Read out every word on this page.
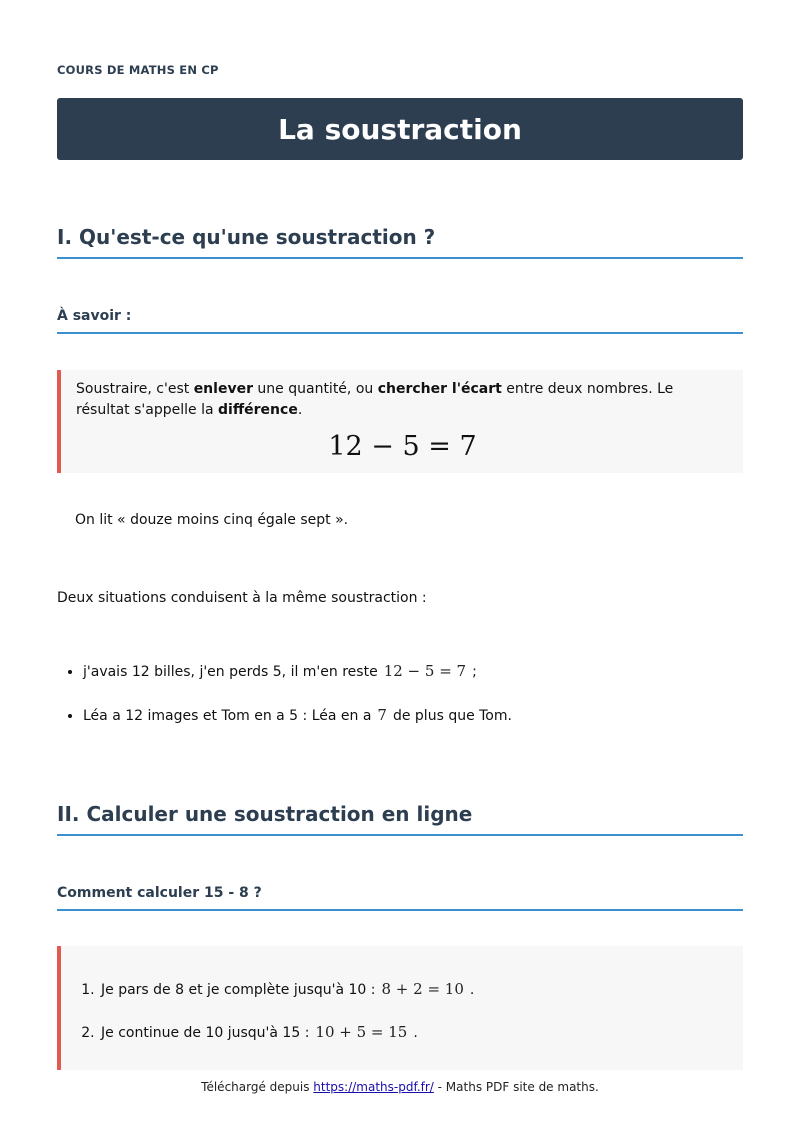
COURS DE MATHS EN CP
La soustraction
I. Qu'est-ce qu'une soustraction ?
À savoir :
Soustraire, c'est enlever une quantité, ou chercher l'écart entre deux nombres. Le résultat s'appelle la différence.
12 − 5 = 7
On lit « douze moins cinq égale sept ».
Deux situations conduisent à la même soustraction :
• j'avais 12 billes, j'en perds 5, il m'en reste 12 − 5 = 7 ;
• Léa a 12 images et Tom en a 5 : Léa en a 7 de plus que Tom.
II. Calculer une soustraction en ligne
Comment calculer 15 - 8 ?
1. Je pars de 8 et je complète jusqu'à 10 : 8 + 2 = 10 .
2. Je continue de 10 jusqu'à 15 : 10 + 5 = 15 .
Téléchargé depuis https://maths-pdf.fr/ - Maths PDF site de maths.
